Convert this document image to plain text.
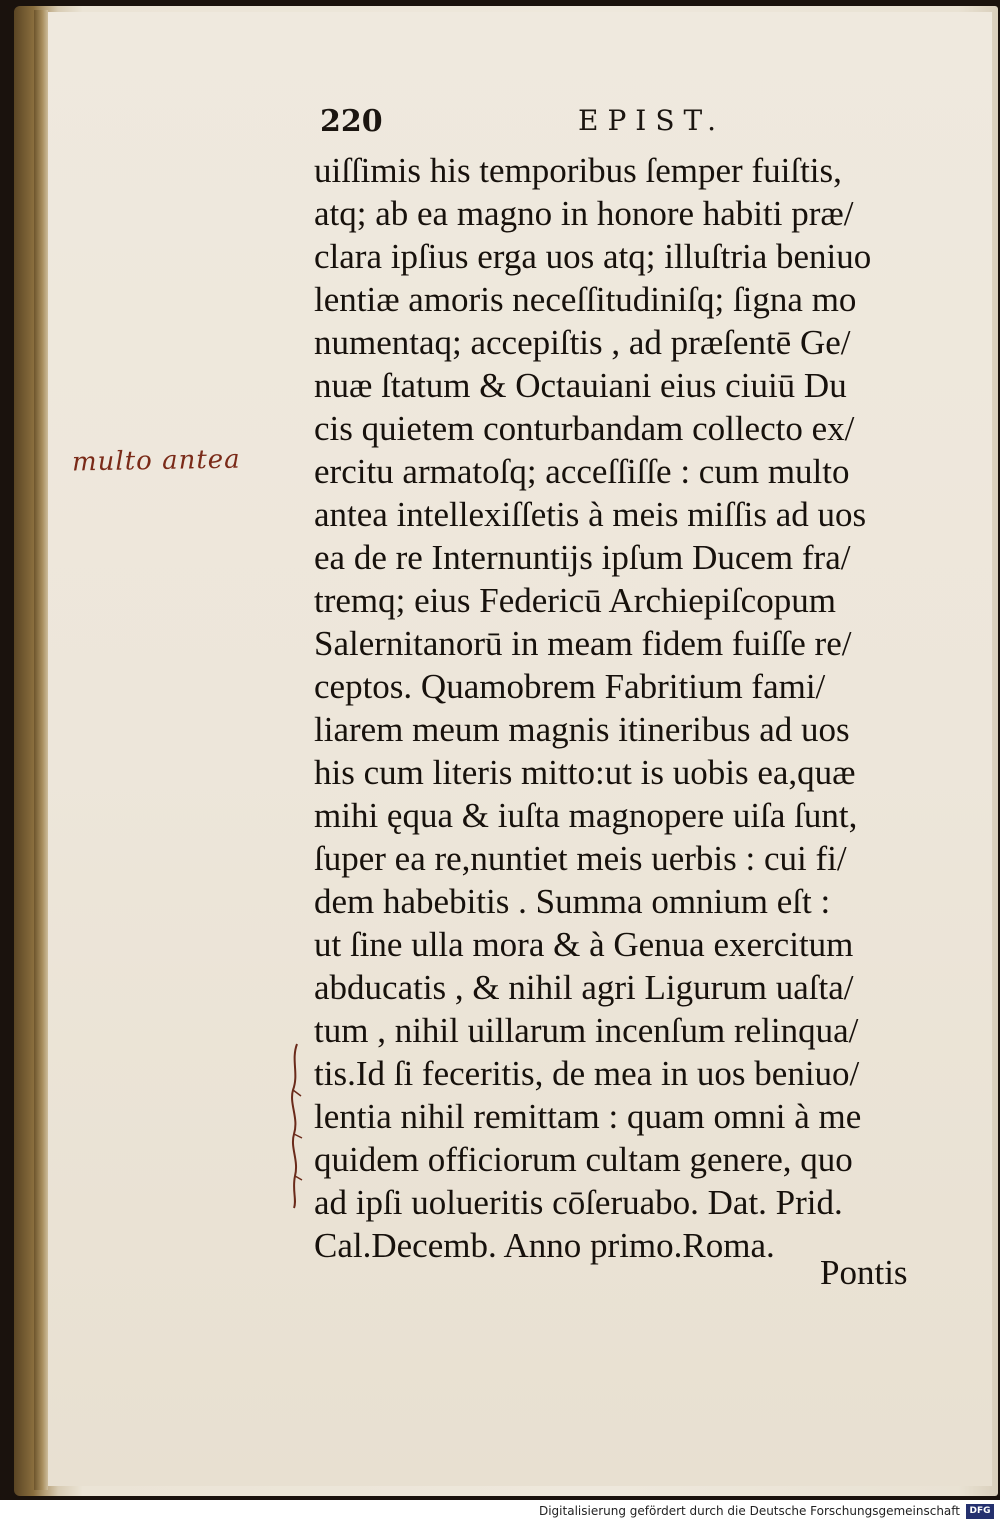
220	EPIST.
uiſſimis his temporibus ſemper fuiſtis,
atq; ab ea magno in honore habiti præ/
clara ipſius erga uos atq; illuſtria beniuo
lentiæ amoris neceſſitudiniſq; ſigna mo
numentaq; accepiſtis , ad præſentē Ge/
nuæ ſtatum & Octauiani eius ciuiū Du
cis quietem conturbandam collecto ex/
ercitu armatoſq; acceſſiſſe : cum multo
antea intellexiſſetis à meis miſſis ad uos
ea de re Internuntijs ipſum Ducem fra/
tremq; eius Federicū Archiepiſcopum
Salernitanorū in meam fidem fuiſſe re/
ceptos. Quamobrem Fabritium fami/
liarem meum magnis itineribus ad uos
his cum literis mitto:ut is uobis ea,quæ
mihi ęqua & iuſta magnopere uiſa ſunt,
ſuper ea re,nuntiet meis uerbis : cui fi/
dem habebitis . Summa omnium eſt :
ut ſine ulla mora & à Genua exercitum
abducatis , & nihil agri Ligurum uaſta/
tum , nihil uillarum incenſum relinqua/
tis.Id ſi feceritis, de mea in uos beniuo/
lentia nihil remittam : quam omni à me
quidem officiorum cultam genere, quo
ad ipſi uolueritis cōſeruabo. Dat. Prid.
Cal.Decemb. Anno primo.Roma.
Pontis
multo antea
Digitalisierung gefördert durch die Deutsche Forschungsgemeinschaft	DFG
